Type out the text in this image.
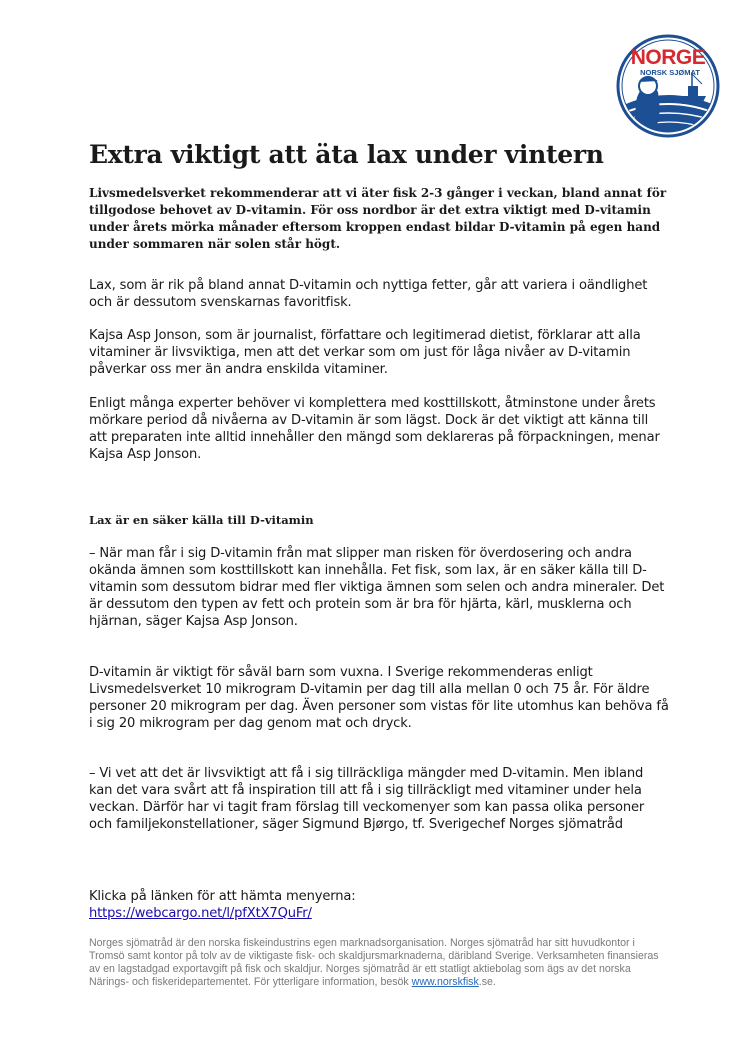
NORGE
NORSK SJØMAT
Extra viktigt att äta lax under vintern

Livsmedelsverket rekommenderar att vi äter fisk 2-3 gånger i veckan, bland annat för tillgodose behovet av D-vitamin. För oss nordbor är det extra viktigt med D-vitamin under årets mörka månader eftersom kroppen endast bildar D-vitamin på egen hand under sommaren när solen står högt.

Lax, som är rik på bland annat D-vitamin och nyttiga fetter, går att variera i oändlighet och är dessutom svenskarnas favoritfisk.

Kajsa Asp Jonson, som är journalist, författare och legitimerad dietist, förklarar att alla vitaminer är livsviktiga, men att det verkar som om just för låga nivåer av D-vitamin påverkar oss mer än andra enskilda vitaminer.

Enligt många experter behöver vi komplettera med kosttillskott, åtminstone under årets mörkare period då nivåerna av D-vitamin är som lägst. Dock är det viktigt att känna till att preparaten inte alltid innehåller den mängd som deklareras på förpackningen, menar Kajsa Asp Jonson.

Lax är en säker källa till D-vitamin

– När man får i sig D-vitamin från mat slipper man risken för överdosering och andra okända ämnen som kosttillskott kan innehålla. Fet fisk, som lax, är en säker källa till D-vitamin som dessutom bidrar med fler viktiga ämnen som selen och andra mineraler. Det är dessutom den typen av fett och protein som är bra för hjärta, kärl, musklerna och hjärnan, säger Kajsa Asp Jonson.

D-vitamin är viktigt för såväl barn som vuxna. I Sverige rekommenderas enligt Livsmedelsverket 10 mikrogram D-vitamin per dag till alla mellan 0 och 75 år. För äldre personer 20 mikrogram per dag. Även personer som vistas för lite utomhus kan behöva få i sig 20 mikrogram per dag genom mat och dryck.

– Vi vet att det är livsviktigt att få i sig tillräckliga mängder med D-vitamin. Men ibland kan det vara svårt att få inspiration till att få i sig tillräckligt med vitaminer under hela veckan. Därför har vi tagit fram förslag till veckomenyer som kan passa olika personer och familjekonstellationer, säger Sigmund Bjørgo, tf. Sverigechef Norges sjömatråd

Klicka på länken för att hämta menyerna:
https://webcargo.net/l/pfXtX7QuFr/

Norges sjömatråd är den norska fiskeindustrins egen marknadsorganisation. Norges sjömatråd har sitt huvudkontor i Tromsö samt kontor på tolv av de viktigaste fisk- och skaldjursmarknaderna, däribland Sverige. Verksamheten finansieras av en lagstadgad exportavgift på fisk och skaldjur. Norges sjömatråd är ett statligt aktiebolag som ägs av det norska Närings- och fiskeridepartementet. För ytterligare information, besök www.norskfisk.se.
